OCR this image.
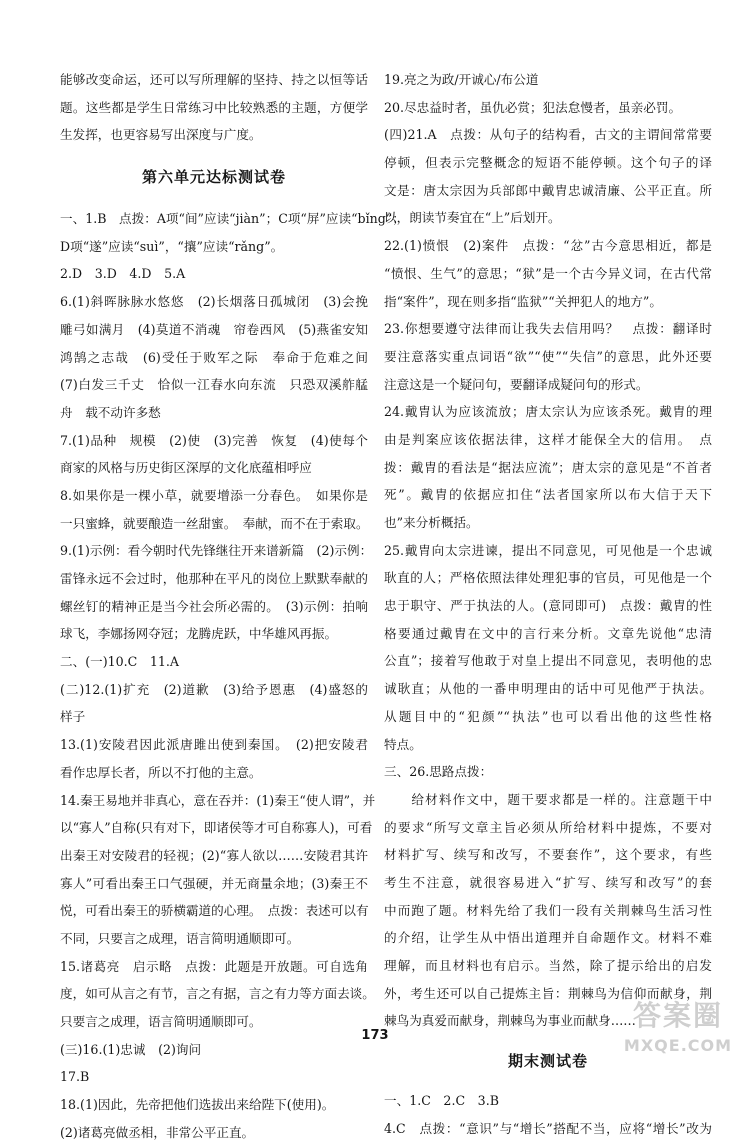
能够改变命运，还可以写所理解的坚持、持之以恒等话
题。这些都是学生日常练习中比较熟悉的主题，方便学
生发挥，也更容易写出深度与广度。
第六单元达标测试卷
一、1.B　点拨：A项“间”应读“jiàn”；C项“屏”应读“bǐng”；
D项“遂”应读“suì”，“攘”应读“rǎng”。
2.D　3.D　4.D　5.A
6.(1)斜晖脉脉水悠悠　(2)长烟落日孤城闭　(3)会挽
雕弓如满月　(4)莫道不消魂　帘卷西风　(5)燕雀安知
鸿鹄之志哉　(6)受任于败军之际　奉命于危难之间
(7)白发三千丈　恰似一江春水向东流　只恐双溪舴艋
舟　载不动许多愁
7.(1)品种　规模　(2)使　(3)完善　恢复　(4)使每个
商家的风格与历史街区深厚的文化底蕴相呼应
8.如果你是一棵小草，就要增添一分春色。　如果你是
一只蜜蜂，就要酿造一丝甜蜜。　奉献，而不在于索取。
9.(1)示例：看今朝时代先锋继往开来谱新篇　(2)示例：
雷锋永远不会过时，他那种在平凡的岗位上默默奉献的
螺丝钉的精神正是当今社会所必需的。　(3)示例：拍响
球飞，李娜扬网夺冠；龙腾虎跃，中华雄风再振。
二、(一)10.C　11.A
(二)12.(1)扩充　(2)道歉　(3)给予恩惠　(4)盛怒的
样子
13.(1)安陵君因此派唐雎出使到秦国。　(2)把安陵君
看作忠厚长者，所以不打他的主意。
14.秦王易地并非真心，意在吞并：(1)秦王“使人谓”，并
以“寡人”自称(只有对下，即诸侯等才可自称寡人)，可看
出秦王对安陵君的轻视；(2)“寡人欲以……安陵君其许
寡人”可看出秦王口气强硬，并无商量余地；(3)秦王不
悦，可看出秦王的骄横霸道的心理。　点拨：表述可以有
不同，只要言之成理，语言简明通顺即可。
15.诸葛亮　启示略　点拨：此题是开放题。可自选角
度，如可从言之有节，言之有据，言之有力等方面去谈。
只要言之成理，语言简明通顺即可。
(三)16.(1)忠诚　(2)询问
17.B
18.(1)因此，先帝把他们选拔出来给陛下(使用)。
(2)诸葛亮做丞相，非常公平正直。
19.亮之为政/开诚心/布公道
20.尽忠益时者，虽仇必赏；犯法怠慢者，虽亲必罚。
(四)21.A　点拨：从句子的结构看，古文的主谓间常常要
停顿，但表示完整概念的短语不能停顿。这个句子的译
文是：唐太宗因为兵部郎中戴胄忠诚清廉、公平正直。所
以，朗读节奏宜在“上”后划开。
22.(1)愤恨　(2)案件　点拨：“忿”古今意思相近，都是
“愤恨、生气”的意思；“狱”是一个古今异义词，在古代常
指“案件”，现在则多指“监狱”“关押犯人的地方”。
23.你想要遵守法律而让我失去信用吗？　点拨：翻译时
要注意落实重点词语“欲”“使”“失信”的意思，此外还要
注意这是一个疑问句，要翻译成疑问句的形式。
24.戴胄认为应该流放；唐太宗认为应该杀死。戴胄的理
由是判案应该依据法律，这样才能保全大的信用。　点
拨：戴胄的看法是“据法应流”；唐太宗的意见是“不首者
死”。戴胄的依据应扣住“法者国家所以布大信于天下
也”来分析概括。
25.戴胄向太宗进谏，提出不同意见，可见他是一个忠诚
耿直的人；严格依照法律处理犯事的官员，可见他是一个
忠于职守、严于执法的人。(意同即可)　点拨：戴胄的性
格要通过戴胄在文中的言行来分析。文章先说他“忠清
公直”；接着写他敢于对皇上提出不同意见，表明他的忠
诚耿直；从他的一番申明理由的话中可见他严于执法。
从题目中的“犯颜”“执法”也可以看出他的这些性格
特点。
三、26.思路点拨：
　　给材料作文中，题干要求都是一样的。注意题干中
的要求“所写文章主旨必须从所给材料中提炼，不要对
材料扩写、续写和改写，不要套作”，这个要求，有些
考生不注意，就很容易进入“扩写、续写和改写”的套
中而跑了题。材料先给了我们一段有关荆棘鸟生活习性
的介绍，让学生从中悟出道理并自命题作文。材料不难
理解，而且材料也有启示。当然，除了提示给出的启发
外，考生还可以自己提炼主旨：荆棘鸟为信仰而献身，荆
棘鸟为真爱而献身，荆棘鸟为事业而献身……
期末测试卷
一、1.C　2.C　3.B
4.C　点拨：“意识”与“增长”搭配不当，应将“增长”改为
173
答案圈
MXQE.COM
